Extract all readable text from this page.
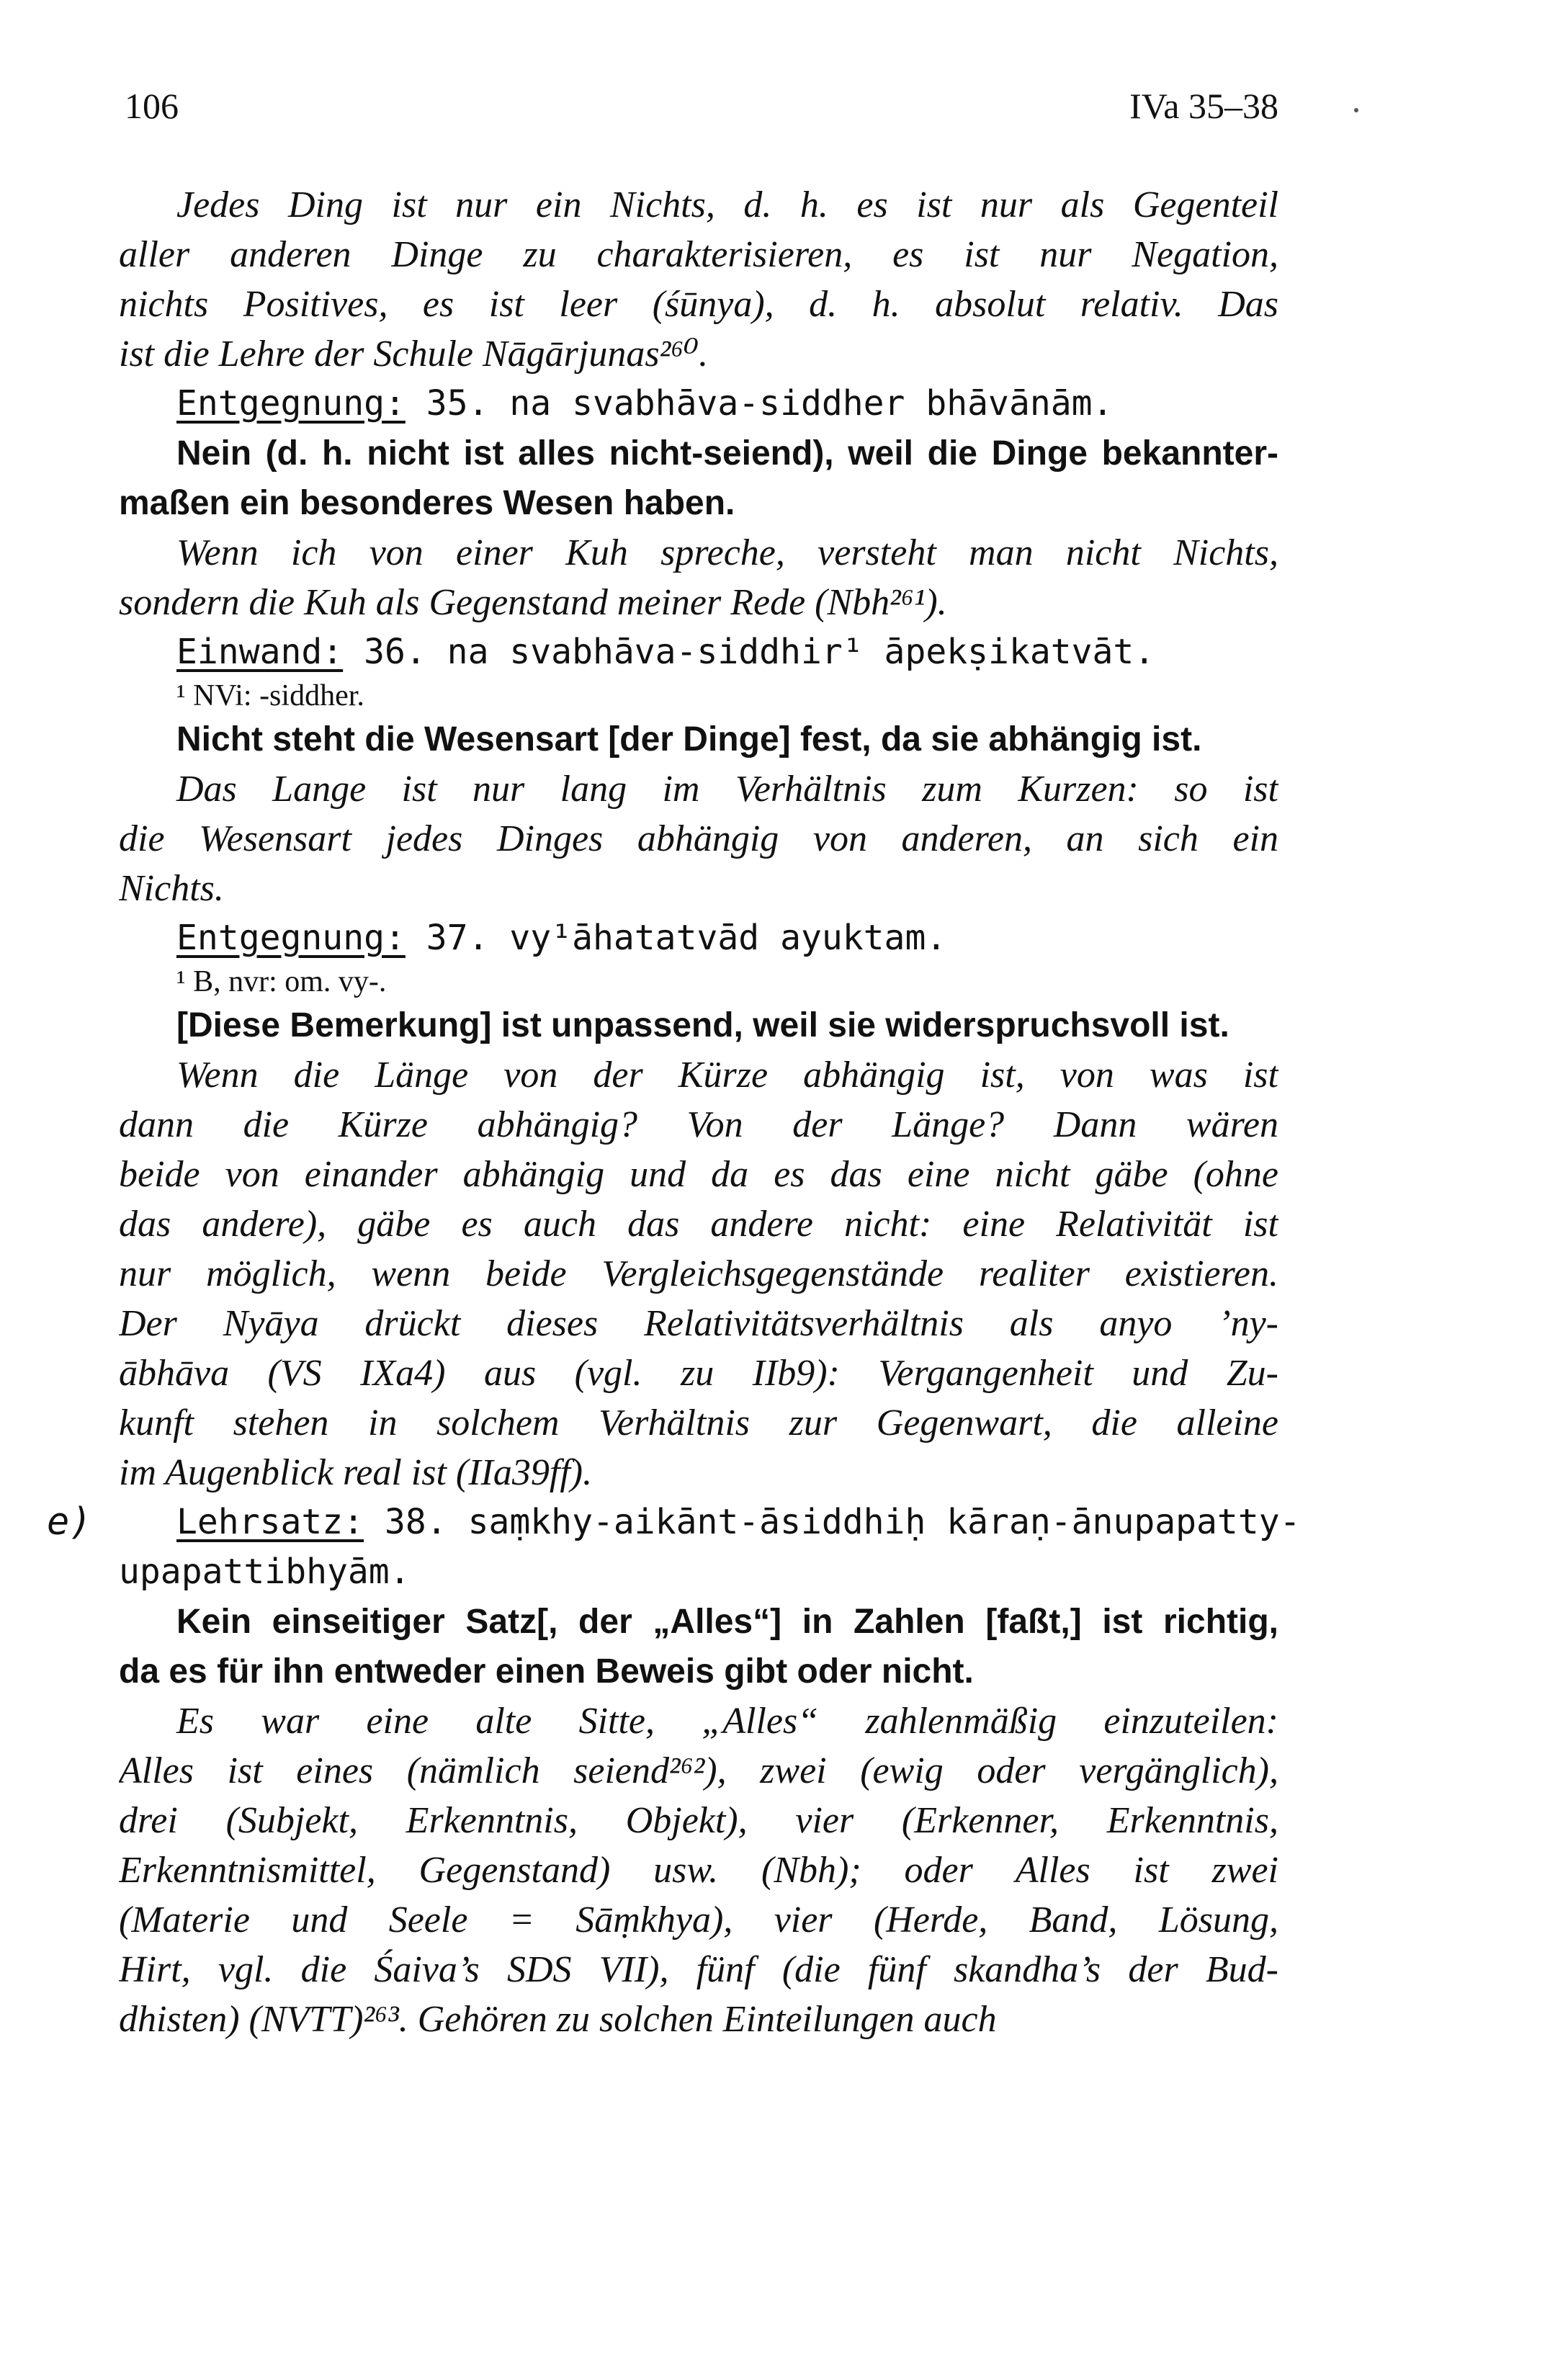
106	IVa 35–38
Jedes Ding ist nur ein Nichts, d. h. es ist nur als Gegenteil
aller anderen Dinge zu charakterisieren, es ist nur Negation,
nichts Positives, es ist leer (śūnya), d. h. absolut relativ. Das
ist die Lehre der Schule Nāgārjunas²⁶⁰.
Entgegnung: 35. na svabhāva-siddher bhāvānām.
Nein (d. h. nicht ist alles nicht-seiend), weil die Dinge bekannter-
maßen ein besonderes Wesen haben.
Wenn ich von einer Kuh spreche, versteht man nicht Nichts,
sondern die Kuh als Gegenstand meiner Rede (Nbh²⁶¹).
Einwand: 36. na svabhāva-siddhir¹ āpekṣikatvāt.
¹ NVi: -siddher.
Nicht steht die Wesensart [der Dinge] fest, da sie abhängig ist.
Das Lange ist nur lang im Verhältnis zum Kurzen: so ist
die Wesensart jedes Dinges abhängig von anderen, an sich ein
Nichts.
Entgegnung: 37. vy¹āhatatvād ayuktam.
¹ B, nvr: om. vy-.
[Diese Bemerkung] ist unpassend, weil sie widerspruchsvoll ist.
Wenn die Länge von der Kürze abhängig ist, von was ist
dann die Kürze abhängig? Von der Länge? Dann wären
beide von einander abhängig und da es das eine nicht gäbe (ohne
das andere), gäbe es auch das andere nicht: eine Relativität ist
nur möglich, wenn beide Vergleichsgegenstände realiter existieren.
Der Nyāya drückt dieses Relativitätsverhältnis als anyo ’ny-
ābhāva (VS IXa4) aus (vgl. zu IIb9): Vergangenheit und Zu-
kunft stehen in solchem Verhältnis zur Gegenwart, die alleine
im Augenblick real ist (IIa39ff).
e) Lehrsatz: 38. saṃkhy-aikānt-āsiddhiḥ kāraṇ-ānupapatty-
upapattibhyām.
Kein einseitiger Satz[, der „Alles“] in Zahlen [faßt,] ist richtig,
da es für ihn entweder einen Beweis gibt oder nicht.
Es war eine alte Sitte, „Alles“ zahlenmäßig einzuteilen:
Alles ist eines (nämlich seiend²⁶²), zwei (ewig oder vergänglich),
drei (Subjekt, Erkenntnis, Objekt), vier (Erkenner, Erkenntnis,
Erkenntnismittel, Gegenstand) usw. (Nbh); oder Alles ist zwei
(Materie und Seele = Sāṃkhya), vier (Herde, Band, Lösung,
Hirt, vgl. die Śaiva’s SDS VII), fünf (die fünf skandha’s der Bud-
dhisten) (NVTT)²⁶³. Gehören zu solchen Einteilungen auch
